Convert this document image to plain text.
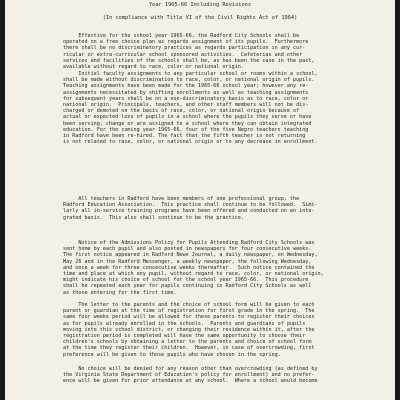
Year 1965-66 Including Revisions
(In compliance with Title VI of the Civil Rights Act of 1964)
Effective for the school year 1965-66, the Radford City Schools shall be
operated on a free choice plan as regards assignment of its pupils.  Furthermore
there shall be no discriminatory practices as regards participation in any cur-
ricular or extra-curricular school sponsored activities.  Cafeterias and other
services and facilities of the schools shall be, as has been the case in the past,
available without regard to race, color or national origin.
Initial faculty assignments to any particular school or rooms within a school,
shall be made without discrimination to race, color, or national origin of pupils.
Teaching assignments have been made for the 1965-66 school year; however any re-
assignments necessitated by shifting enrollments as well as teaching assignments
for subsequent years shall be on a non-discriminatory basis as to race, color or
national origin.  Principals, teachers, and other staff members will not be dis-
charged or demoted on the basis of race, color, or national origin because of
actual or expected loss of pupils in a school where the pupils they serve or have
been serving, change or are assigned to a school where they can obtain integrated
education. For the coming year 1965-66, four of the five Negro teachers teaching
in Radford have been re-hired. The fact that the fifth teacher is not returning
is not related to race, color, or national origin or to any decrease in enrollment.
All teachers in Radford have been members of one professional group, the
Radford Education Association.  This practice shall continue to be followed.  Simi-
larly all in-service training programs have been offered and conducted on an inte-
grated basis.  This also shall continue to be the practice.
Notice of the Admissions Policy for Pupils Attending Radford City Schools was
sent home by each pupil and also posted in newspapers for four consecutive weeks.
The first notice appeared in Radford News Journal, a daily newspaper, on Wednesday,
May 26 and in the Radford Messenger, a weekly newspaper, the following Wednesday,
and once a week for three consecutive weeks thereafter.  Such notice contained the
time and place at which any pupil, without regard to race, color, or national origin,
might indicate his choice of school for the school year 1965-66.  This procedure
shall be repeated each year for pupils continuing in Radford City Schools as well
as those entering for the first time.
The letter to the parents and the choice of school form will be given to each
parent or guardian at the time of registration for first grade in the spring.  The
same four weeks period will be allowed for these parents to register their choices
as for pupils already enrolled in the schools.  Parents and guardians of pupils
moving into this school district, or changing their residence within it, after the
registration period is completed will have the same opportunity to choose their
children's schools by obtaining a letter to the parents and choice of school form
at the time they register their children.  However, in case of overcrowding, first
preference will be given to those pupils who have chosen in the spring.
No choice will be denied for any reason other than overcrowding (as defined by
the Virginia State Department of Education's policy for enrollment) and no prefer-
ence will be given for prior attendance at any school.  Where a school would become
